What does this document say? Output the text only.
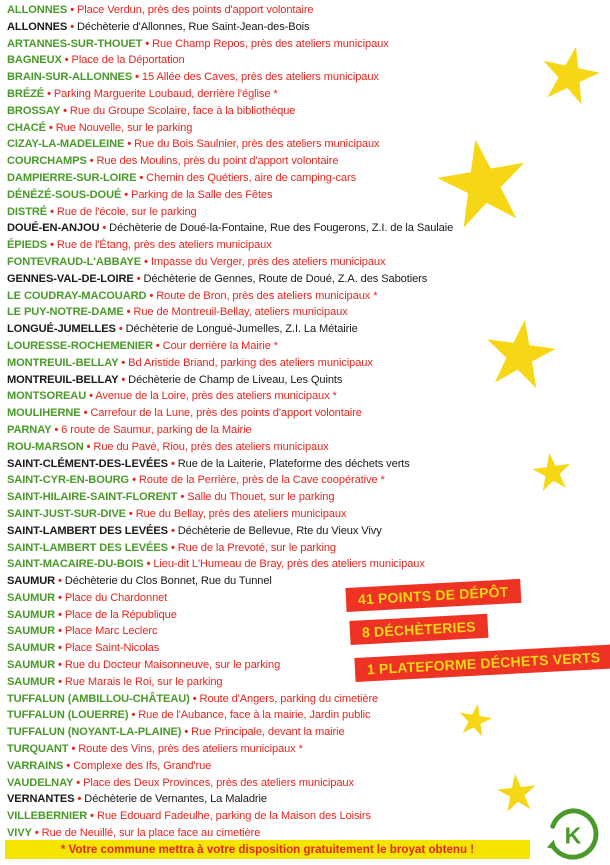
ALLONNES • Place Verdun, près des points d'apport volontaire
ALLONNES • Déchèterie d'Allonnes, Rue Saint-Jean-des-Bois
ARTANNES-SUR-THOUET • Rue Champ Repos, près des ateliers municipaux
BAGNEUX • Place de la Déportation
BRAIN-SUR-ALLONNES • 15 Allée des Caves, près des ateliers municipaux
BRÉZÉ • Parking Marguerite Loubaud, derrière l'église *
BROSSAY • Rue du Groupe Scolaire, face à la bibliothèque
CHACÉ • Rue Nouvelle, sur le parking
CIZAY-LA-MADELEINE • Rue du Bois Saulnier, près des ateliers municipaux
COURCHAMPS • Rue des Moulins, près du point d'apport volontaire
DAMPIERRE-SUR-LOIRE • Chemin des Quétiers, aire de camping-cars
DÉNÉZÉ-SOUS-DOUÉ • Parking de la Salle des Fêtes
DISTRÉ • Rue de l'école, sur le parking
DOUÉ-EN-ANJOU • Déchèterie de Doué-la-Fontaine, Rue des Fougerons, Z.I. de la Saulaie
ÉPIEDS • Rue de l'Étang, près des ateliers municipaux
FONTEVRAUD-L'ABBAYE • Impasse du Verger, près des ateliers municipaux
GENNES-VAL-DE-LOIRE • Déchèterie de Gennes, Route de Doué, Z.A. des Sabotiers
LE COUDRAY-MACOUARD • Route de Bron, près des ateliers municipaux *
LE PUY-NOTRE-DAME • Rue de Montreuil-Bellay, ateliers municipaux
LONGUÉ-JUMELLES • Déchèterie de Longué-Jumelles, Z.I. La Métairie
LOURESSE-ROCHEMENIER • Cour derrière la Mairie *
MONTREUIL-BELLAY • Bd Aristide Briand, parking des ateliers municipaux
MONTREUIL-BELLAY • Déchèterie de Champ de Liveau, Les Quints
MONTSOREAU • Avenue de la Loire, près des ateliers municipaux *
MOULIHERNE • Carrefour de la Lune, près des points d'apport volontaire
PARNAY • 6 route de Saumur, parking de la Mairie
ROU-MARSON • Rue du Pavé, Riou, près des ateliers municipaux
SAINT-CLÉMENT-DES-LEVÉES • Rue de la Laiterie, Plateforme des déchets verts
SAINT-CYR-EN-BOURG • Route de la Perrière, près de la Cave coopérative *
SAINT-HILAIRE-SAINT-FLORENT • Salle du Thouet, sur le parking
SAINT-JUST-SUR-DIVE • Rue du Bellay, près des ateliers municipaux
SAINT-LAMBERT DES LEVÉES • Déchèterie de Bellevue, Rte du Vieux Vivy
SAINT-LAMBERT DES LEVÉES • Rue de la Prevoté, sur le parking
SAINT-MACAIRE-DU-BOIS • Lieu-dit L'Humeau de Bray, près des ateliers municipaux
SAUMUR • Déchèterie du Clos Bonnet, Rue du Tunnel
SAUMUR • Place du Chardonnet
SAUMUR • Place de la République
SAUMUR • Place Marc Leclerc
SAUMUR • Place Saint-Nicolas
SAUMUR • Rue du Docteur Maisonneuve, sur le parking
SAUMUR • Rue Marais le Roi, sur le parking
TUFFALUN (AMBILLOU-CHÂTEAU) • Route d'Angers, parking du cimetière
TUFFALUN (LOUERRE) • Rue de l'Aubance, face à la mairie, Jardin public
TUFFALUN (NOYANT-LA-PLAINE) • Rue Principale, devant la mairie
TURQUANT • Route des Vins, près des ateliers municipaux *
VARRAINS • Complexe des Ifs, Grand'rue
VAUDELNAY • Place des Deux Provinces, près des ateliers municipaux
VERNANTES • Déchèterie de Vernantes, La Maladrie
VILLEBERNIER • Rue Edouard Fadeulhe, parking de la Maison des Loisirs
VIVY • Rue de Neuillé, sur la place face au cimetière
41 POINTS DE DÉPÔT
8 DÉCHÈTERIES
1 PLATEFORME DÉCHETS VERTS
* Votre commune mettra à votre disposition gratuitement le broyat obtenu !
K
